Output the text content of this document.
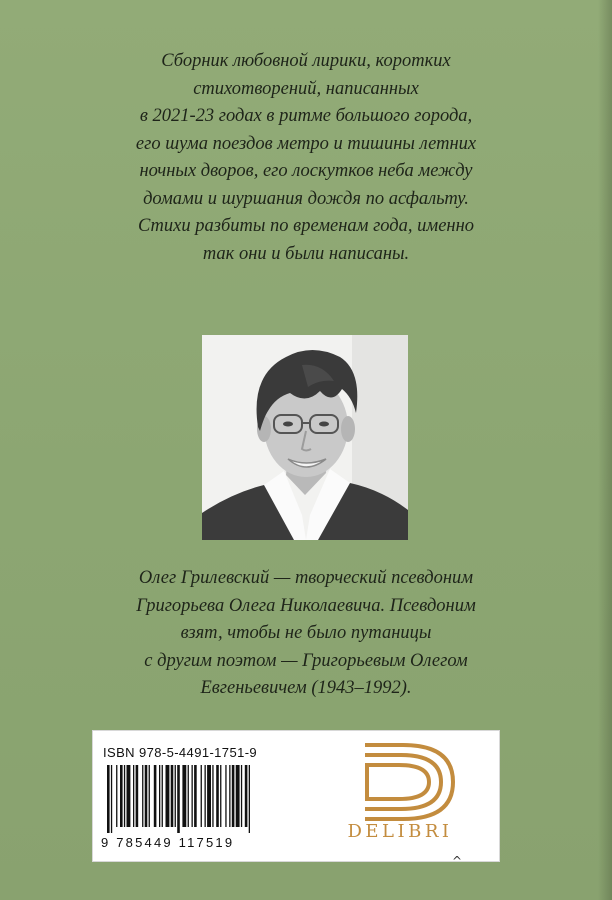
Сборник любовной лирики, коротких
стихотворений, написанных
в 2021-23 годах в ритме большого города,
его шума поездов метро и тишины летних
ночных дворов, его лоскутков неба между
домами и шуршания дождя по асфальту.
Стихи разбиты по временам года, именно
так они и были написаны.
Олег Грилевский — творческий псевдоним
Григорьева Олега Николаевича. Псевдоним
взят, чтобы не было путаницы
с другим поэтом — Григорьевым Олегом
Евгеньевичем (1943–1992).
ISBN 978-5-4491-1751-9
9 785449 117519
DELIBRI
^
